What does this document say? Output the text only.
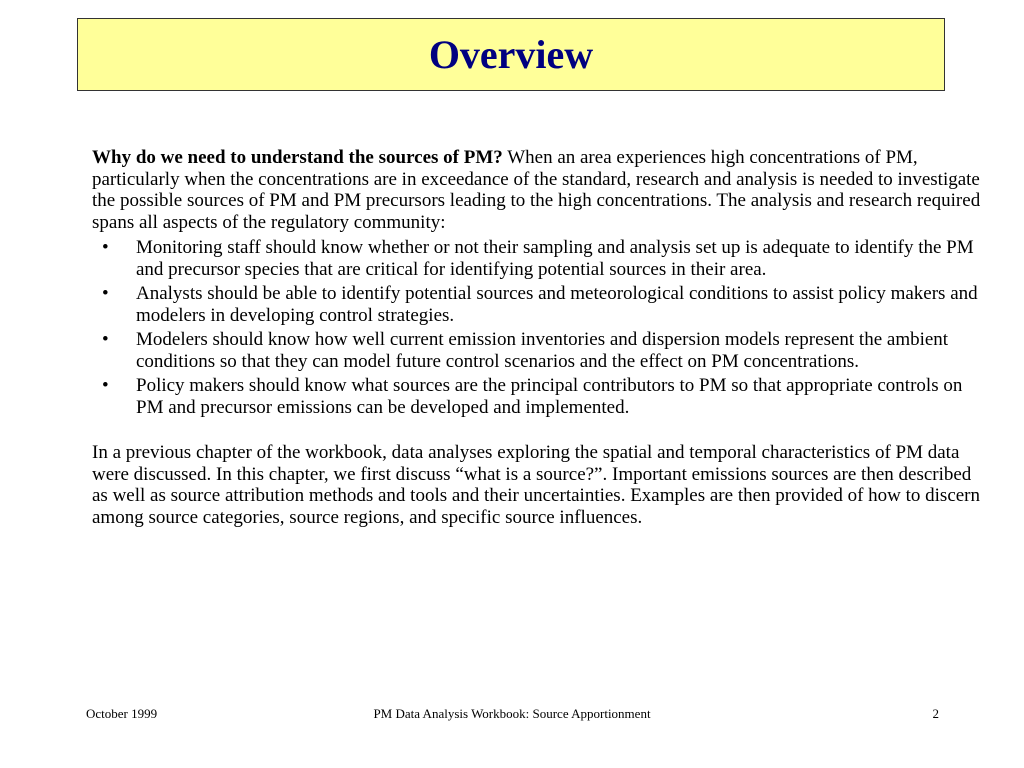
Overview

Why do we need to understand the sources of PM? When an area experiences high concentrations of PM, particularly when the concentrations are in exceedance of the standard, research and analysis is needed to investigate the possible sources of PM and PM precursors leading to the high concentrations. The analysis and research required spans all aspects of the regulatory community:

• Monitoring staff should know whether or not their sampling and analysis set up is adequate to identify the PM and precursor species that are critical for identifying potential sources in their area.
• Analysts should be able to identify potential sources and meteorological conditions to assist policy makers and modelers in developing control strategies.
• Modelers should know how well current emission inventories and dispersion models represent the ambient conditions so that they can model future control scenarios and the effect on PM concentrations.
• Policy makers should know what sources are the principal contributors to PM so that appropriate controls on PM and precursor emissions can be developed and implemented.

In a previous chapter of the workbook, data analyses exploring the spatial and temporal characteristics of PM data were discussed. In this chapter, we first discuss “what is a source?”. Important emissions sources are then described as well as source attribution methods and tools and their uncertainties. Examples are then provided of how to discern among source categories, source regions, and specific source influences.

October 1999	PM Data Analysis Workbook: Source Apportionment	2
